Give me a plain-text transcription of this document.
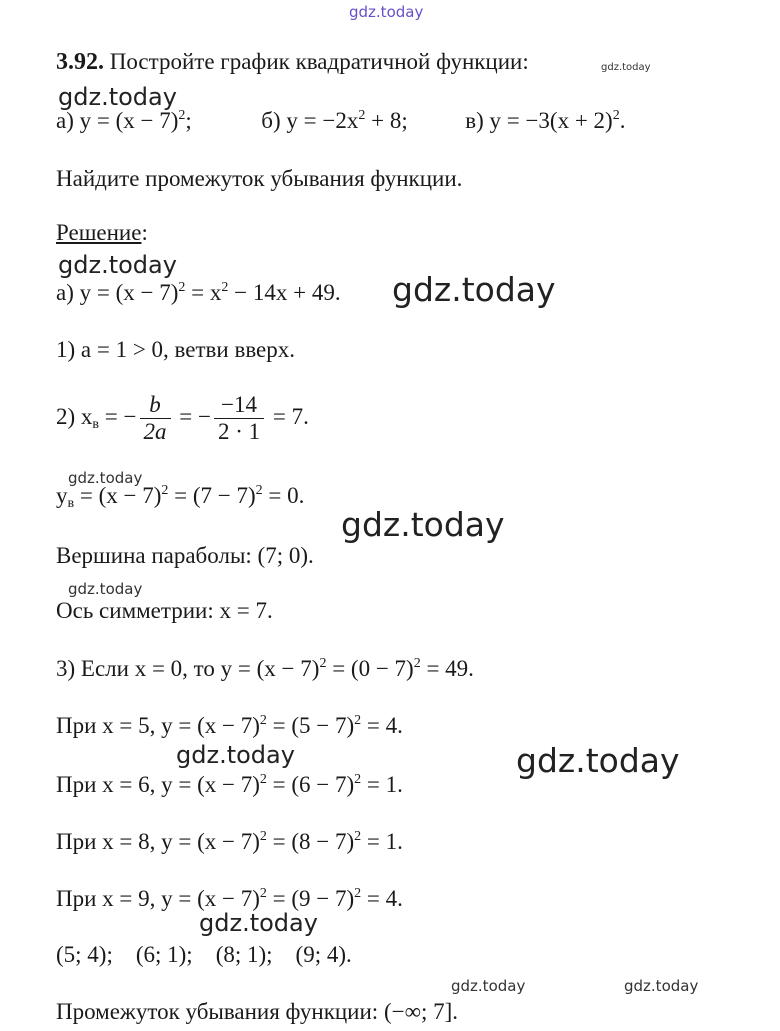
gdz.today
gdz.today
gdz.today
gdz.today
gdz.today
gdz.today
gdz.today
gdz.today
gdz.today	gdz.today
gdz.today
gdz.today	gdz.today
3.92. Постройте график квадратичной функции:
а) $y = (x - 7)^2$;	б) $y = -2x^2 + 8$;	в) $y = -3(x + 2)^2$.
Найдите промежуток убывания функции.
Решение:
а) $y = (x - 7)^2 = x^2 - 14x + 49$.
1) a = 1 > 0, ветви вверх.
2) $x_в$ = − $\frac{b}{2a}$ = − $\frac{-14}{2 \cdot 1} = 7$.
$y_в = (x - 7)^2 = (7 - 7)^2 = 0$.
Вершина параболы: (7; 0).
Ось симметрии: x = 7.
3) Если x = 0, то $y = (x - 7)^2 = (0 - 7)^2 = 49$.
При x = 5, $y = (x - 7)^2 = (5 - 7)^2 = 4$.
При x = 6, $y = (x - 7)^2 = (6 - 7)^2 = 1$.
При x = 8, $y = (x - 7)^2 = (8 - 7)^2 = 1$.
При x = 9, $y = (x - 7)^2 = (9 - 7)^2 = 4$.
(5; 4);    (6; 1);    (8; 1);    (9; 4).
Промежуток убывания функции: (−∞; 7].
